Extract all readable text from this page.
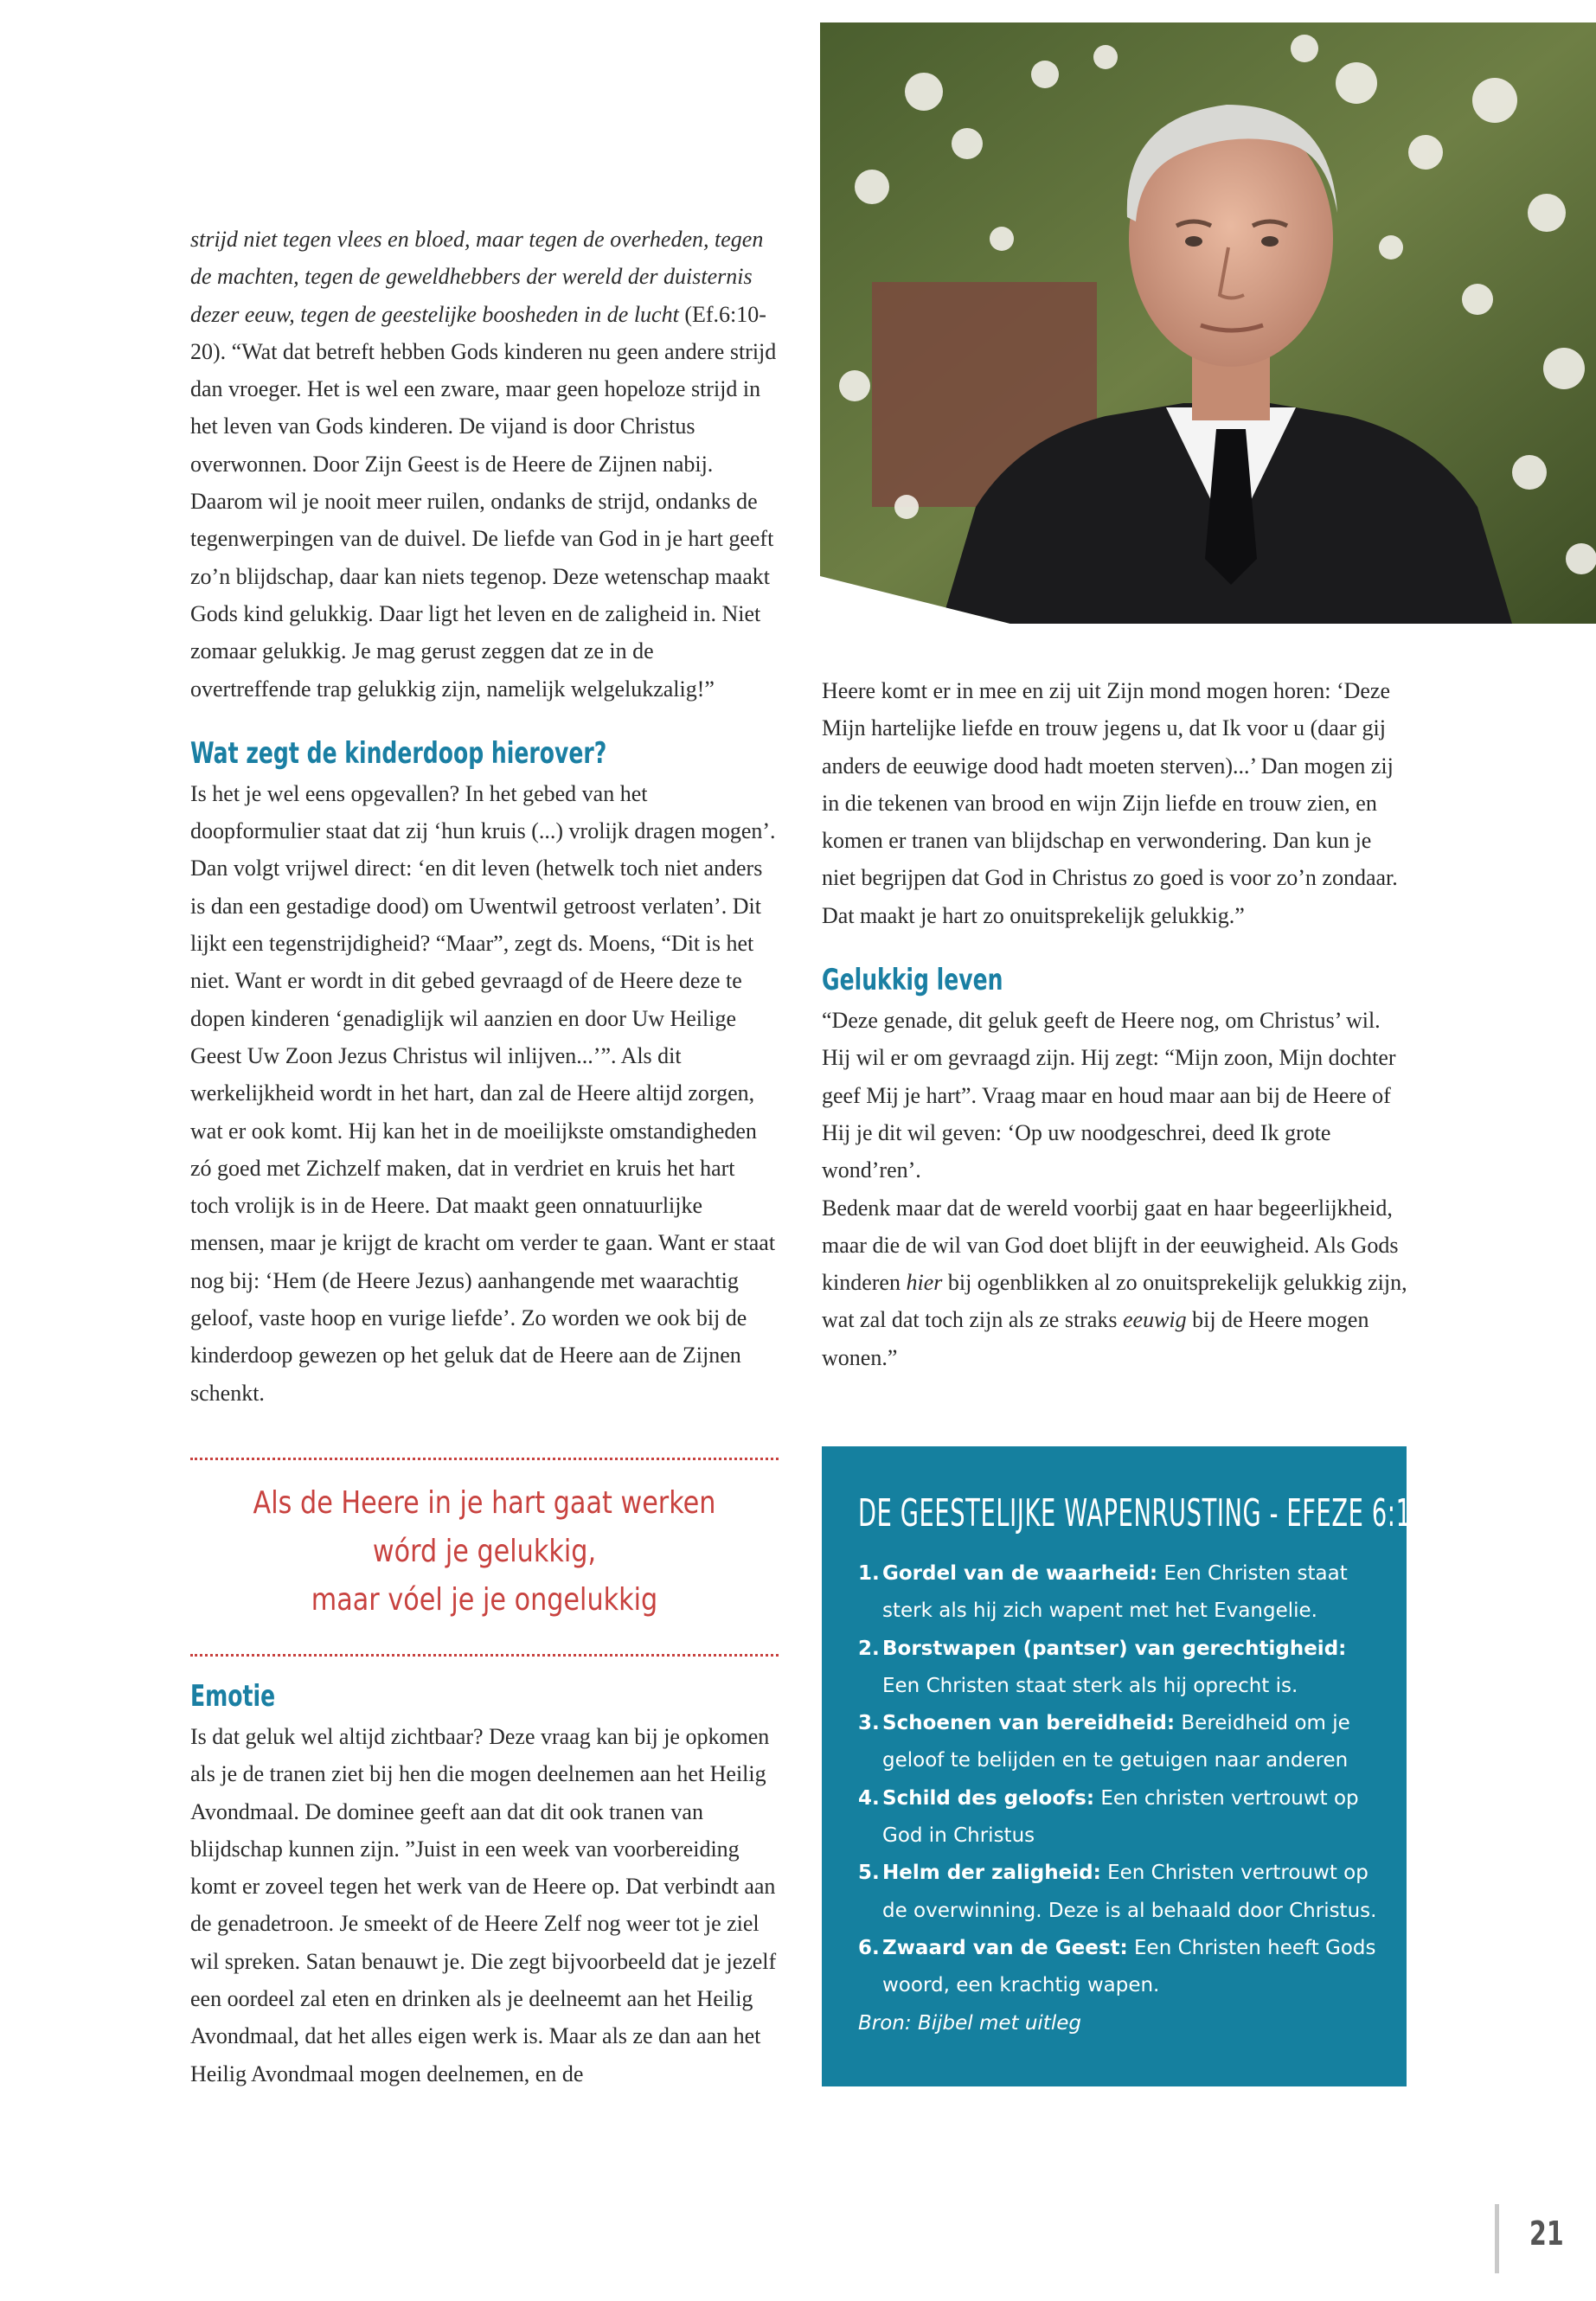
strijd niet tegen vlees en bloed, maar tegen de overheden, tegen de machten, tegen de geweldhebbers der wereld der duisternis dezer eeuw, tegen de geestelijke boosheden in de lucht (Ef.6:10-20). “Wat dat betreft hebben Gods kinderen nu geen andere strijd dan vroeger. Het is wel een zware, maar geen hopeloze strijd in het leven van Gods kinderen. De vijand is door Christus overwonnen. Door Zijn Geest is de Heere de Zijnen nabij. Daarom wil je nooit meer ruilen, ondanks de strijd, ondanks de tegenwerpingen van de duivel. De liefde van God in je hart geeft zo’n blijdschap, daar kan niets tegenop. Deze wetenschap maakt Gods kind gelukkig. Daar ligt het leven en de zaligheid in. Niet zomaar gelukkig. Je mag gerust zeggen dat ze in de overtreffende trap gelukkig zijn, namelijk welgelukzalig!”

Wat zegt de kinderdoop hierover?

Is het je wel eens opgevallen? In het gebed van het doopformulier staat dat zij ‘hun kruis (...) vrolijk dragen mogen’. Dan volgt vrijwel direct: ‘en dit leven (hetwelk toch niet anders is dan een gestadige dood) om Uwentwil getroost verlaten’. Dit lijkt een tegenstrijdigheid? “Maar”, zegt ds. Moens, “Dit is het niet. Want er wordt in dit gebed gevraagd of de Heere deze te dopen kinderen ‘genadiglijk wil aanzien en door Uw Heilige Geest Uw Zoon Jezus Christus wil inlijven...’”. Als dit werkelijkheid wordt in het hart, dan zal de Heere altijd zorgen, wat er ook komt. Hij kan het in de moeilijkste omstandigheden zó goed met Zichzelf maken, dat in verdriet en kruis het hart toch vrolijk is in de Heere. Dat maakt geen onnatuurlijke mensen, maar je krijgt de kracht om verder te gaan. Want er staat nog bij: ‘Hem (de Heere Jezus) aanhangende met waarachtig geloof, vaste hoop en vurige liefde’. Zo worden we ook bij de kinderdoop gewezen op het geluk dat de Heere aan de Zijnen schenkt.

Als de Heere in je hart gaat werken
wórd je gelukkig,
maar vóel je je ongelukkig
Emotie

Is dat geluk wel altijd zichtbaar? Deze vraag kan bij je opkomen als je de tranen ziet bij hen die mogen deelnemen aan het Heilig Avondmaal. De dominee geeft aan dat dit ook tranen van blijdschap kunnen zijn. ”Juist in een week van voorbereiding komt er zoveel tegen het werk van de Heere op. Dat verbindt aan de genadetroon. Je smeekt of de Heere Zelf nog weer tot je ziel wil spreken. Satan benauwt je. Die zegt bijvoorbeeld dat je jezelf een oordeel zal eten en drinken als je deelneemt aan het Heilig Avondmaal, dat het alles eigen werk is. Maar als ze dan aan het Heilig Avondmaal mogen deelnemen, en de

Heere komt er in mee en zij uit Zijn mond mogen horen: ‘Deze Mijn hartelijke liefde en trouw jegens u, dat Ik voor u (daar gij anders de eeuwige dood hadt moeten sterven)...’ Dan mogen zij in die tekenen van brood en wijn Zijn liefde en trouw zien, en komen er tranen van blijdschap en verwondering. Dan kun je niet begrijpen dat God in Christus zo goed is voor zo’n zondaar. Dat maakt je hart zo onuitsprekelijk gelukkig.”

Gelukkig leven

“Deze genade, dit geluk geeft de Heere nog, om Christus’ wil. Hij wil er om gevraagd zijn. Hij zegt: “Mijn zoon, Mijn dochter geef Mij je hart”. Vraag maar en houd maar aan bij de Heere of Hij je dit wil geven: ‘Op uw noodgeschrei, deed Ik grote wond’ren’.

Bedenk maar dat de wereld voorbij gaat en haar begeerlijkheid, maar die de wil van God doet blijft in der eeuwigheid. Als Gods kinderen hier bij ogenblikken al zo onuitsprekelijk gelukkig zijn, wat zal dat toch zijn als ze straks eeuwig bij de Heere mogen wonen.”

DE GEESTELIJKE WAPENRUSTING - EFEZE 6:10-20
1. Gordel van de waarheid: Een Christen staat sterk als hij zich wapent met het Evangelie.
2. Borstwapen (pantser) van gerechtigheid: Een Christen staat sterk als hij oprecht is.
3. Schoenen van bereidheid: Bereidheid om je geloof te belijden en te getuigen naar anderen
4. Schild des geloofs: Een christen vertrouwt op God in Christus
5. Helm der zaligheid: Een Christen vertrouwt op de overwinning. Deze is al behaald door Christus.
6. Zwaard van de Geest: Een Christen heeft Gods woord, een krachtig wapen.

Bron: Bijbel met uitleg

21
